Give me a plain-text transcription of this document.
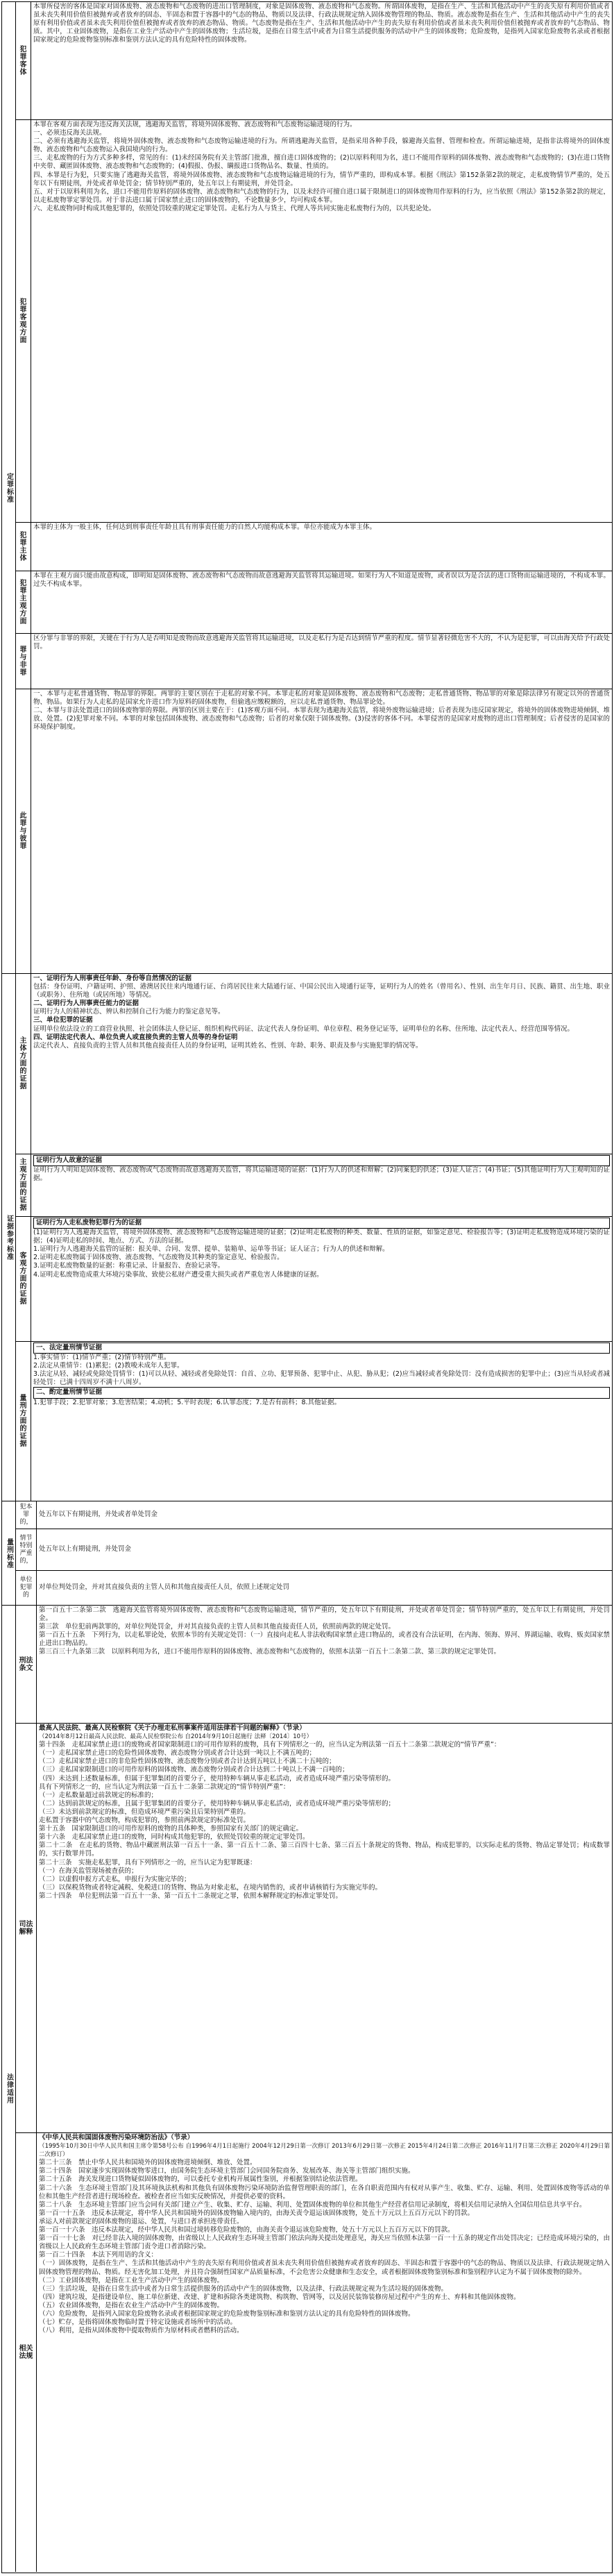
定罪标准
犯罪客体
本罪所侵害的客体是国家对固体废物、液态废物和气态废物的进出口管理制度，对象是固体废物、液态废物和气态废物。所谓固体废物，是指在生产、生活和其他活动中产生的丧失原有利用价值或者虽未丧失利用价值但被抛弃或者放弃的固态、半固态和置于容器中的气态的物品、物质以及法律、行政法规规定纳入固体废物管理的物品、物质。液态废物是指在生产、生活和其他活动中产生的丧失原有利用价值或者虽未丧失利用价值但被抛弃或者放弃的液态物品、物质。气态废物是指在生产、生活和其他活动中产生的丧失原有利用价值或者虽未丧失利用价值但被抛弃或者放弃的气态物品、物质。其中，工业固体废物，是指在工业生产活动中产生的固体废物；生活垃圾，是指在日常生活中或者为日常生活提供服务的活动中产生的固体废物；危险废物，是指列入国家危险废物名录或者根据国家规定的危险废物鉴别标准和鉴别方法认定的具有危险特性的固体废物。
犯罪客观方面

本罪在客观方面表现为违反海关法规，逃避海关监管，将境外固体废物、液态废物和气态废物运输进境的行为。

一、必须违反海关法规。

二、必须有逃避海关监管，将境外固体废物、液态废物和气态废物运输进境的行为。所谓逃避海关监管，是指采用各种手段，躲避海关监督、管理和检查。所谓运输进境，是指非法将境外的固体废物、液态废物和气态废物运入我国境内的行为。

三、走私废物的行为方式多种多样，常见的有：(1)未经国务院有关主管部门批准，擅自进口固体废物的；(2)以原料利用为名，进口不能用作原料的固体废物、液态废物和气态废物的；(3)在进口货物中夹带、藏匿固体废物、液态废物和气态废物的；(4)假报、伪报、瞒报进口货物品名、数量、性质的。

四、本罪是行为犯，只要实施了逃避海关监管，将境外固体废物、液态废物和气态废物运输进境的行为，情节严重的，即构成本罪。根据《刑法》第152条第2款的规定，走私废物情节严重的，处五年以下有期徒刑，并处或者单处罚金；情节特别严重的，处五年以上有期徒刑，并处罚金。

五、对于以原料利用为名，进口不能用作原料的固体废物、液态废物和气态废物的行为，以及未经许可擅自进口属于限制进口的固体废物用作原料的行为，应当依照《刑法》第152条第2款的规定，以走私废物罪定罪处罚。对于非法进口属于国家禁止进口的固体废物的，不论数量多少，均可构成本罪。

六、走私废物同时构成其他犯罪的，依照处罚较重的规定定罪处罚。走私行为人与货主、代理人等共同实施走私废物行为的，以共犯论处。

犯罪主体
本罪的主体为一般主体，任何达到刑事责任年龄且具有刑事责任能力的自然人均能构成本罪。单位亦能成为本罪主体。
犯罪主观方面
本罪在主观方面只能由故意构成，即明知是固体废物、液态废物和气态废物而故意逃避海关监管将其运输进境。如果行为人不知道是废物，或者误以为是合法的进口货物而运输进境的，不构成本罪。过失不构成本罪。
罪与非罪
区分罪与非罪的界限，关键在于行为人是否明知是废物而故意逃避海关监管将其运输进境，以及走私行为是否达到情节严重的程度。情节显著轻微危害不大的，不认为是犯罪，可以由海关给予行政处罚。
此罪与彼罪

一、本罪与走私普通货物、物品罪的界限。两罪的主要区别在于走私的对象不同。本罪走私的对象是固体废物、液态废物和气态废物；走私普通货物、物品罪的对象是除法律另有规定以外的普通货物、物品。如果行为人走私的是国家允许进口作为原料的固体废物，但偷逃应缴税额的，应以走私普通货物、物品罪论处。

二、本罪与非法处置进口的固体废物罪的界限。两罪的区别主要在于：(1)客观方面不同。本罪表现为逃避海关监管，将境外废物运输进境；后者表现为违反国家规定，将境外的固体废物进境倾倒、堆放、处置。(2)犯罪对象不同。本罪的对象包括固体废物、液态废物和气态废物；后者的对象仅限于固体废物。(3)侵害的客体不同。本罪侵害的是国家对废物的进出口管理制度；后者侵害的是国家的环境保护制度。

证据参考标准
主体方面的证据

一、证明行为人刑事责任年龄、身份等自然情况的证据

包括：身份证明、户籍证明、护照、港澳居民往来内地通行证、台湾居民往来大陆通行证、中国公民出入境通行证等，证明行为人的姓名（曾用名）、性别、出生年月日、民族、籍贯、出生地、职业（或职务）、住所地（或居所地）等情况。

二、证明行为人刑事责任能力的证据

证明行为人的精神状态、辨认和控制自己行为能力的鉴定意见等。

三、单位犯罪的证据

证明单位依法设立的工商营业执照、社会团体法人登记证、组织机构代码证、法定代表人身份证明、单位章程、税务登记证等，证明单位的名称、住所地、法定代表人、经营范围等情况。

四、证明法定代表人、单位负责人或直接负责的主管人员等的身份证明

法定代表人、直接负责的主管人员和其他直接责任人员的身份证明，证明其姓名、性别、年龄、职务、职责及参与实施犯罪的情况等。

主观方面的证据

证明行为人故意的证据

证明行为人明知是固体废物、液态废物或气态废物而故意逃避海关监管，将其运输进境的证据：(1)行为人的供述和辩解；(2)同案犯的供述；(3)证人证言；(4)书证；(5)其他证明行为人主观明知的证据。

客观方面的证据

证明行为人走私废物犯罪行为的证据

(1)证明行为人逃避海关监管，将境外固体废物、液态废物和气态废物运输进境的证据；(2)证明走私废物的种类、数量、性质的证据，如鉴定意见、检验报告等；(3)证明走私废物造成环境污染的证据；(4)证明走私的时间、地点、方式、方法的证据。

1.证明行为人逃避海关监管的证据：报关单、合同、发票、提单、装箱单、运单等书证；证人证言；行为人的供述和辩解。

2.证明走私废物属于固体废物、液态废物、气态废物及其种类的鉴定意见、检验报告。

3.证明走私废物数量的证据：称重记录、计量报告、查验记录等。

4.证明走私废物造成重大环境污染事故、致使公私财产遭受重大损失或者严重危害人体健康的证据。

量刑方面的证据

一、法定量刑情节证据

1.事实情节：(1)情节严重；(2)情节特别严重。

2.法定从重情节：(1)累犯；(2)教唆未成年人犯罪。

3.法定从轻、减轻或免除处罚情节：(1)可以从轻、减轻或者免除处罚：自首、立功、犯罪预备、犯罪中止、从犯、胁从犯；(2)应当减轻或者免除处罚：没有造成损害的犯罪中止；(3)应当从轻或者减轻处罚：已满十四周岁不满十八周岁。

二、酌定量刑情节证据

1.犯罪手段；2.犯罪对象；3.危害结果；4.动机；5.平时表现；6.认罪态度；7.是否有前科；8.其他证据。

量刑标准
犯本罪的，
处五年以下有期徒刑，并处或者单处罚金
情节特别严重的，
处五年以上有期徒刑，并处罚金
单位犯罪的
对单位判处罚金，并对其直接负责的主管人员和其他直接责任人员，依照上述规定处罚
法律适用
刑法条文

第一百五十二条第二款　逃避海关监管将境外固体废物、液态废物和气态废物运输进境，情节严重的，处五年以下有期徒刑，并处或者单处罚金；情节特别严重的，处五年以上有期徒刑，并处罚金。

第三款　单位犯前两款罪的，对单位判处罚金，并对其直接负责的主管人员和其他直接责任人员，依照前两款的规定处罚。

第一百五十五条　下列行为，以走私罪论处，依照本节的有关规定处罚：（一）直接向走私人非法收购国家禁止进口物品的，或者没有合法证明，在内海、领海、界河、界湖运输、收购、贩卖国家禁止进出口物品的。

第三百三十九条第三款　以原料利用为名，进口不能用作原料的固体废物、液态废物和气态废物的，依照本法第一百五十二条第二款、第三款的规定定罪处罚。

司法解释

最高人民法院、最高人民检察院《关于办理走私刑事案件适用法律若干问题的解释》（节录）

（2014年8月12日最高人民法院、最高人民检察院公布 自2014年9月10日起施行 法释〔2014〕10号）

第十四条　走私国家禁止进口的废物或者国家限制进口的可用作原料的废物，具有下列情形之一的，应当认定为刑法第一百五十二条第二款规定的“情节严重”：

（一）走私国家禁止进口的危险性固体废物、液态废物分别或者合计达到一吨以上不满五吨的；

（二）走私国家禁止进口的非危险性固体废物、液态废物分别或者合计达到五吨以上不满二十五吨的；

（三）走私国家限制进口的可用作原料的固体废物、液态废物分别或者合计达到二十吨以上不满一百吨的；

（四）未达到上述数量标准，但属于犯罪集团的首要分子，使用特种车辆从事走私活动，或者造成环境严重污染等情形的。

具有下列情形之一的，应当认定为刑法第一百五十二条第二款规定的“情节特别严重”：

（一）走私数量超过前款规定的标准的；

（二）达到前款规定的标准，且属于犯罪集团的首要分子，使用特种车辆从事走私活动，或者造成环境严重污染等情形的；

（三）未达到前款规定的标准，但造成环境严重污染且后果特别严重的。

走私置于容器中的气态废物，构成犯罪的，参照前两款规定的标准处罚。

第十五条　国家限制进口的可用作原料的废物的具体种类，参照国家有关部门的规定确定。

第十六条　走私国家禁止进口的废物，同时构成其他犯罪的，依照处罚较重的规定定罪处罚。

第二十二条　在走私的货物、物品中藏匿刑法第一百五十一条、第一百五十二条、第三百四十七条、第三百五十条规定的货物、物品，构成犯罪的，以实际走私的货物、物品定罪处罚；构成数罪的，实行数罪并罚。

第二十三条　实施走私犯罪，具有下列情形之一的，应当认定为犯罪既遂：

（一）在海关监管现场被查获的；

（二）以虚假申报方式走私，申报行为实施完毕的；

（三）以保税货物或者特定减税、免税进口的货物、物品为对象走私，在境内销售的，或者申请核销行为实施完毕的。

第二十四条　单位犯刑法第一百五十一条、第一百五十二条规定之罪，依照本解释规定的标准定罪处罚。

相关法规

《中华人民共和国固体废物污染环境防治法》（节录）

（1995年10月30日中华人民共和国主席令第58号公布 自1996年4月1日起施行 2004年12月29日第一次修订 2013年6月29日第一次修正 2015年4月24日第二次修正 2016年11月7日第三次修正 2020年4月29日第二次修订）

第二十三条　禁止中华人民共和国境外的固体废物进境倾倒、堆放、处置。

第二十四条　国家逐步实现固体废物零进口，由国务院生态环境主管部门会同国务院商务、发展改革、海关等主管部门组织实施。

第二十五条　海关发现进口货物疑似固体废物的，可以委托专业机构开展属性鉴别，并根据鉴别结论依法管理。

第二十六条　生态环境主管部门及其环境执法机构和其他负有固体废物污染环境防治监督管理职责的部门，在各自职责范围内有权对从事产生、收集、贮存、运输、利用、处置固体废物等活动的单位和其他生产经营者进行现场检查。被检查者应当如实反映情况，并提供必要的资料。

第二十八条　生态环境主管部门应当会同有关部门建立产生、收集、贮存、运输、利用、处置固体废物的单位和其他生产经营者信用记录制度，将相关信用记录纳入全国信用信息共享平台。

第一百一十五条　违反本法规定，将中华人民共和国境外的固体废物输入境内的，由海关责令退运该固体废物，处五十万元以上五百万元以下的罚款。

承运人对前款规定的固体废物的退运、处置，与进口者承担连带责任。

第一百一十六条　违反本法规定，经中华人民共和国过境转移危险废物的，由海关责令退运该危险废物，处五十万元以上五百万元以下的罚款。

第一百一十七条　对已经非法入境的固体废物，由省级以上人民政府生态环境主管部门依法向海关提出处理意见，海关应当依照本法第一百一十五条的规定作出处罚决定；已经造成环境污染的，由省级以上人民政府生态环境主管部门责令进口者消除污染。

第一百二十四条　本法下列用语的含义：

（一）固体废物，是指在生产、生活和其他活动中产生的丧失原有利用价值或者虽未丧失利用价值但被抛弃或者放弃的固态、半固态和置于容器中的气态的物品、物质以及法律、行政法规规定纳入固体废物管理的物品、物质。经无害化加工处理，并且符合强制性国家产品质量标准，不会危害公众健康和生态安全，或者根据固体废物鉴别标准和鉴别程序认定为不属于固体废物的除外。

（二）工业固体废物，是指在工业生产活动中产生的固体废物。

（三）生活垃圾，是指在日常生活中或者为日常生活提供服务的活动中产生的固体废物，以及法律、行政法规规定视为生活垃圾的固体废物。

（四）建筑垃圾，是指建设单位、施工单位新建、改建、扩建和拆除各类建筑物、构筑物、管网等，以及居民装饰装修房屋过程中产生的弃土、弃料和其他固体废物。

（五）农业固体废物，是指在农业生产活动中产生的固体废物。

（六）危险废物，是指列入国家危险废物名录或者根据国家规定的危险废物鉴别标准和鉴别方法认定的具有危险特性的固体废物。

（七）贮存，是指将固体废物临时置于特定设施或者场所中的活动。

（八）利用，是指从固体废物中提取物质作为原材料或者燃料的活动。
